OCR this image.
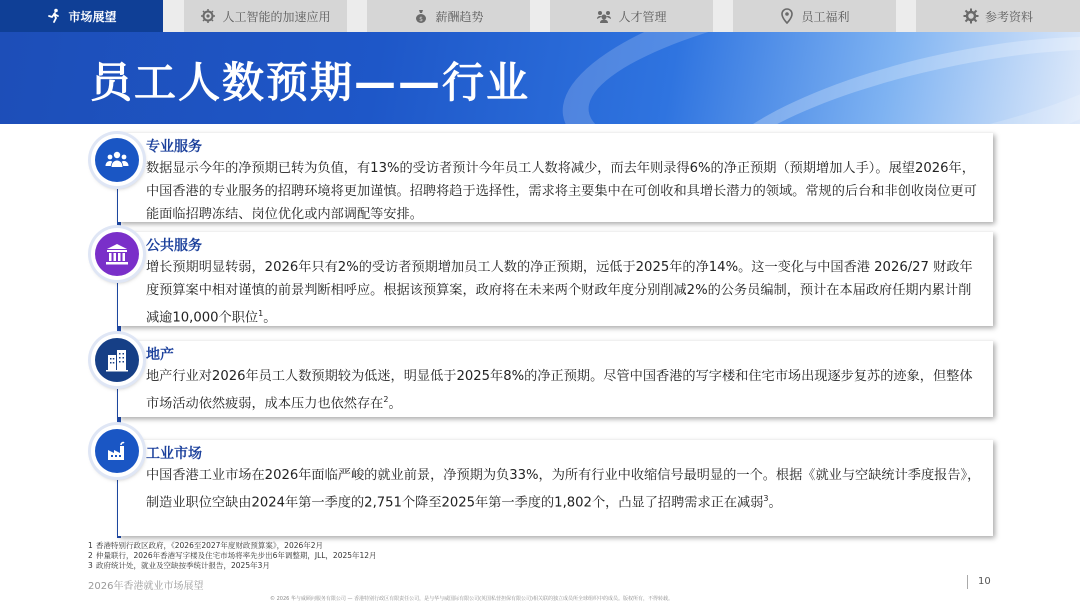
市场展望	人工智能的加速应用	$ 薪酬趋势	人才管理	员工福利	参考资料
员工人数预期——行业
专业服务
数据显示今年的净预期已转为负值，有13%的受访者预计今年员工人数将减少，而去年则录得6%的净正预期（预期增加人手）。展望2026年，中国香港的专业服务的招聘环境将更加谨慎。招聘将趋于选择性，需求将主要集中在可创收和具增长潜力的领域。常规的后台和非创收岗位更可能面临招聘冻结、岗位优化或内部调配等安排。
公共服务
增长预期明显转弱，2026年只有2%的受访者预期增加员工人数的净正预期，远低于2025年的净14%。这一变化与中国香港 2026/27 财政年度预算案中相对谨慎的前景判断相呼应。根据该预算案，政府将在未来两个财政年度分别削减2%的公务员编制，预计在本届政府任期内累计削减逾10,000个职位$^1$。
地产
地产行业对2026年员工人数预期较为低迷，明显低于2025年8%的净正预期。尽管中国香港的写字楼和住宅市场出现逐步复苏的迹象，但整体市场活动依然疲弱，成本压力也依然存在$^2$。
工业市场
中国香港工业市场在2026年面临严峻的就业前景，净预期为负33%，为所有行业中收缩信号最明显的一个。根据《就业与空缺统计季度报告》，制造业职位空缺由2024年第一季度的2,751个降至2025年第一季度的1,802个，凸显了招聘需求正在减弱$^3$。
1 香港特别行政区政府，《2026至2027年度财政预算案》，2026年2月
2 仲量联行，2026年香港写字楼及住宅市场将率先步出6年调整期，JLL，2025年12月
3 政府统计处，就业及空缺按季统计报告，2025年3月
2026年香港就业市场展望	10
© 2026 华与威顾问服务有限公司 — 香港特别行政区有限责任公司，是与华与威国际有限公司(英国私营担保有限公司)相关联的独立成员所全球组织中的成员。版权所有，不得转载。
